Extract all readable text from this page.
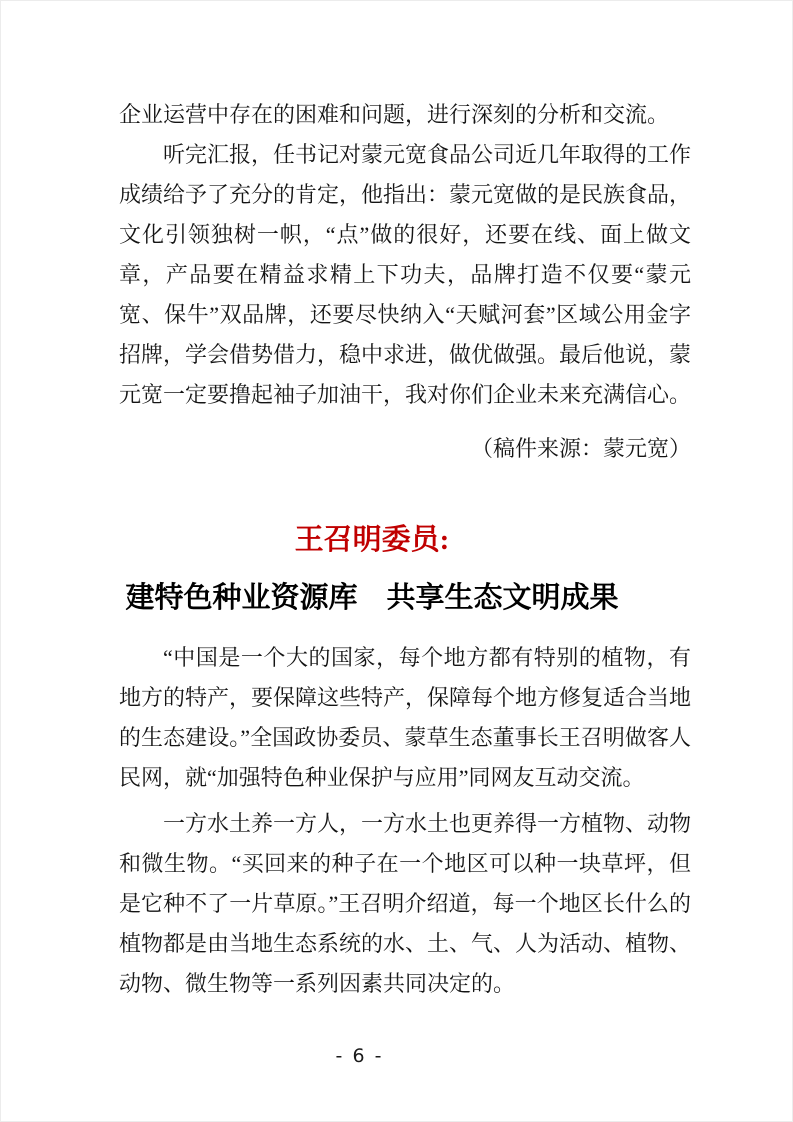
企业运营中存在的困难和问题，进行深刻的分析和交流。

听完汇报，任书记对蒙元宽食品公司近几年取得的工作成绩给予了充分的肯定，他指出：蒙元宽做的是民族食品，文化引领独树一帜，“点”做的很好，还要在线、面上做文章，产品要在精益求精上下功夫，品牌打造不仅要“蒙元宽、保牛”双品牌，还要尽快纳入“天赋河套”区域公用金字招牌，学会借势借力，稳中求进，做优做强。最后他说，蒙元宽一定要撸起袖子加油干，我对你们企业未来充满信心。

（稿件来源：蒙元宽）

王召明委员:
建特色种业资源库 共享生态文明成果

“中国是一个大的国家，每个地方都有特别的植物，有地方的特产，要保障这些特产，保障每个地方修复适合当地的生态建设。”全国政协委员、蒙草生态董事长王召明做客人民网，就“加强特色种业保护与应用”同网友互动交流。

一方水土养一方人，一方水土也更养得一方植物、动物和微生物。“买回来的种子在一个地区可以种一块草坪，但是它种不了一片草原。”王召明介绍道，每一个地区长什么的植物都是由当地生态系统的水、土、气、人为活动、植物、动物、微生物等一系列因素共同决定的。

- 6 -
